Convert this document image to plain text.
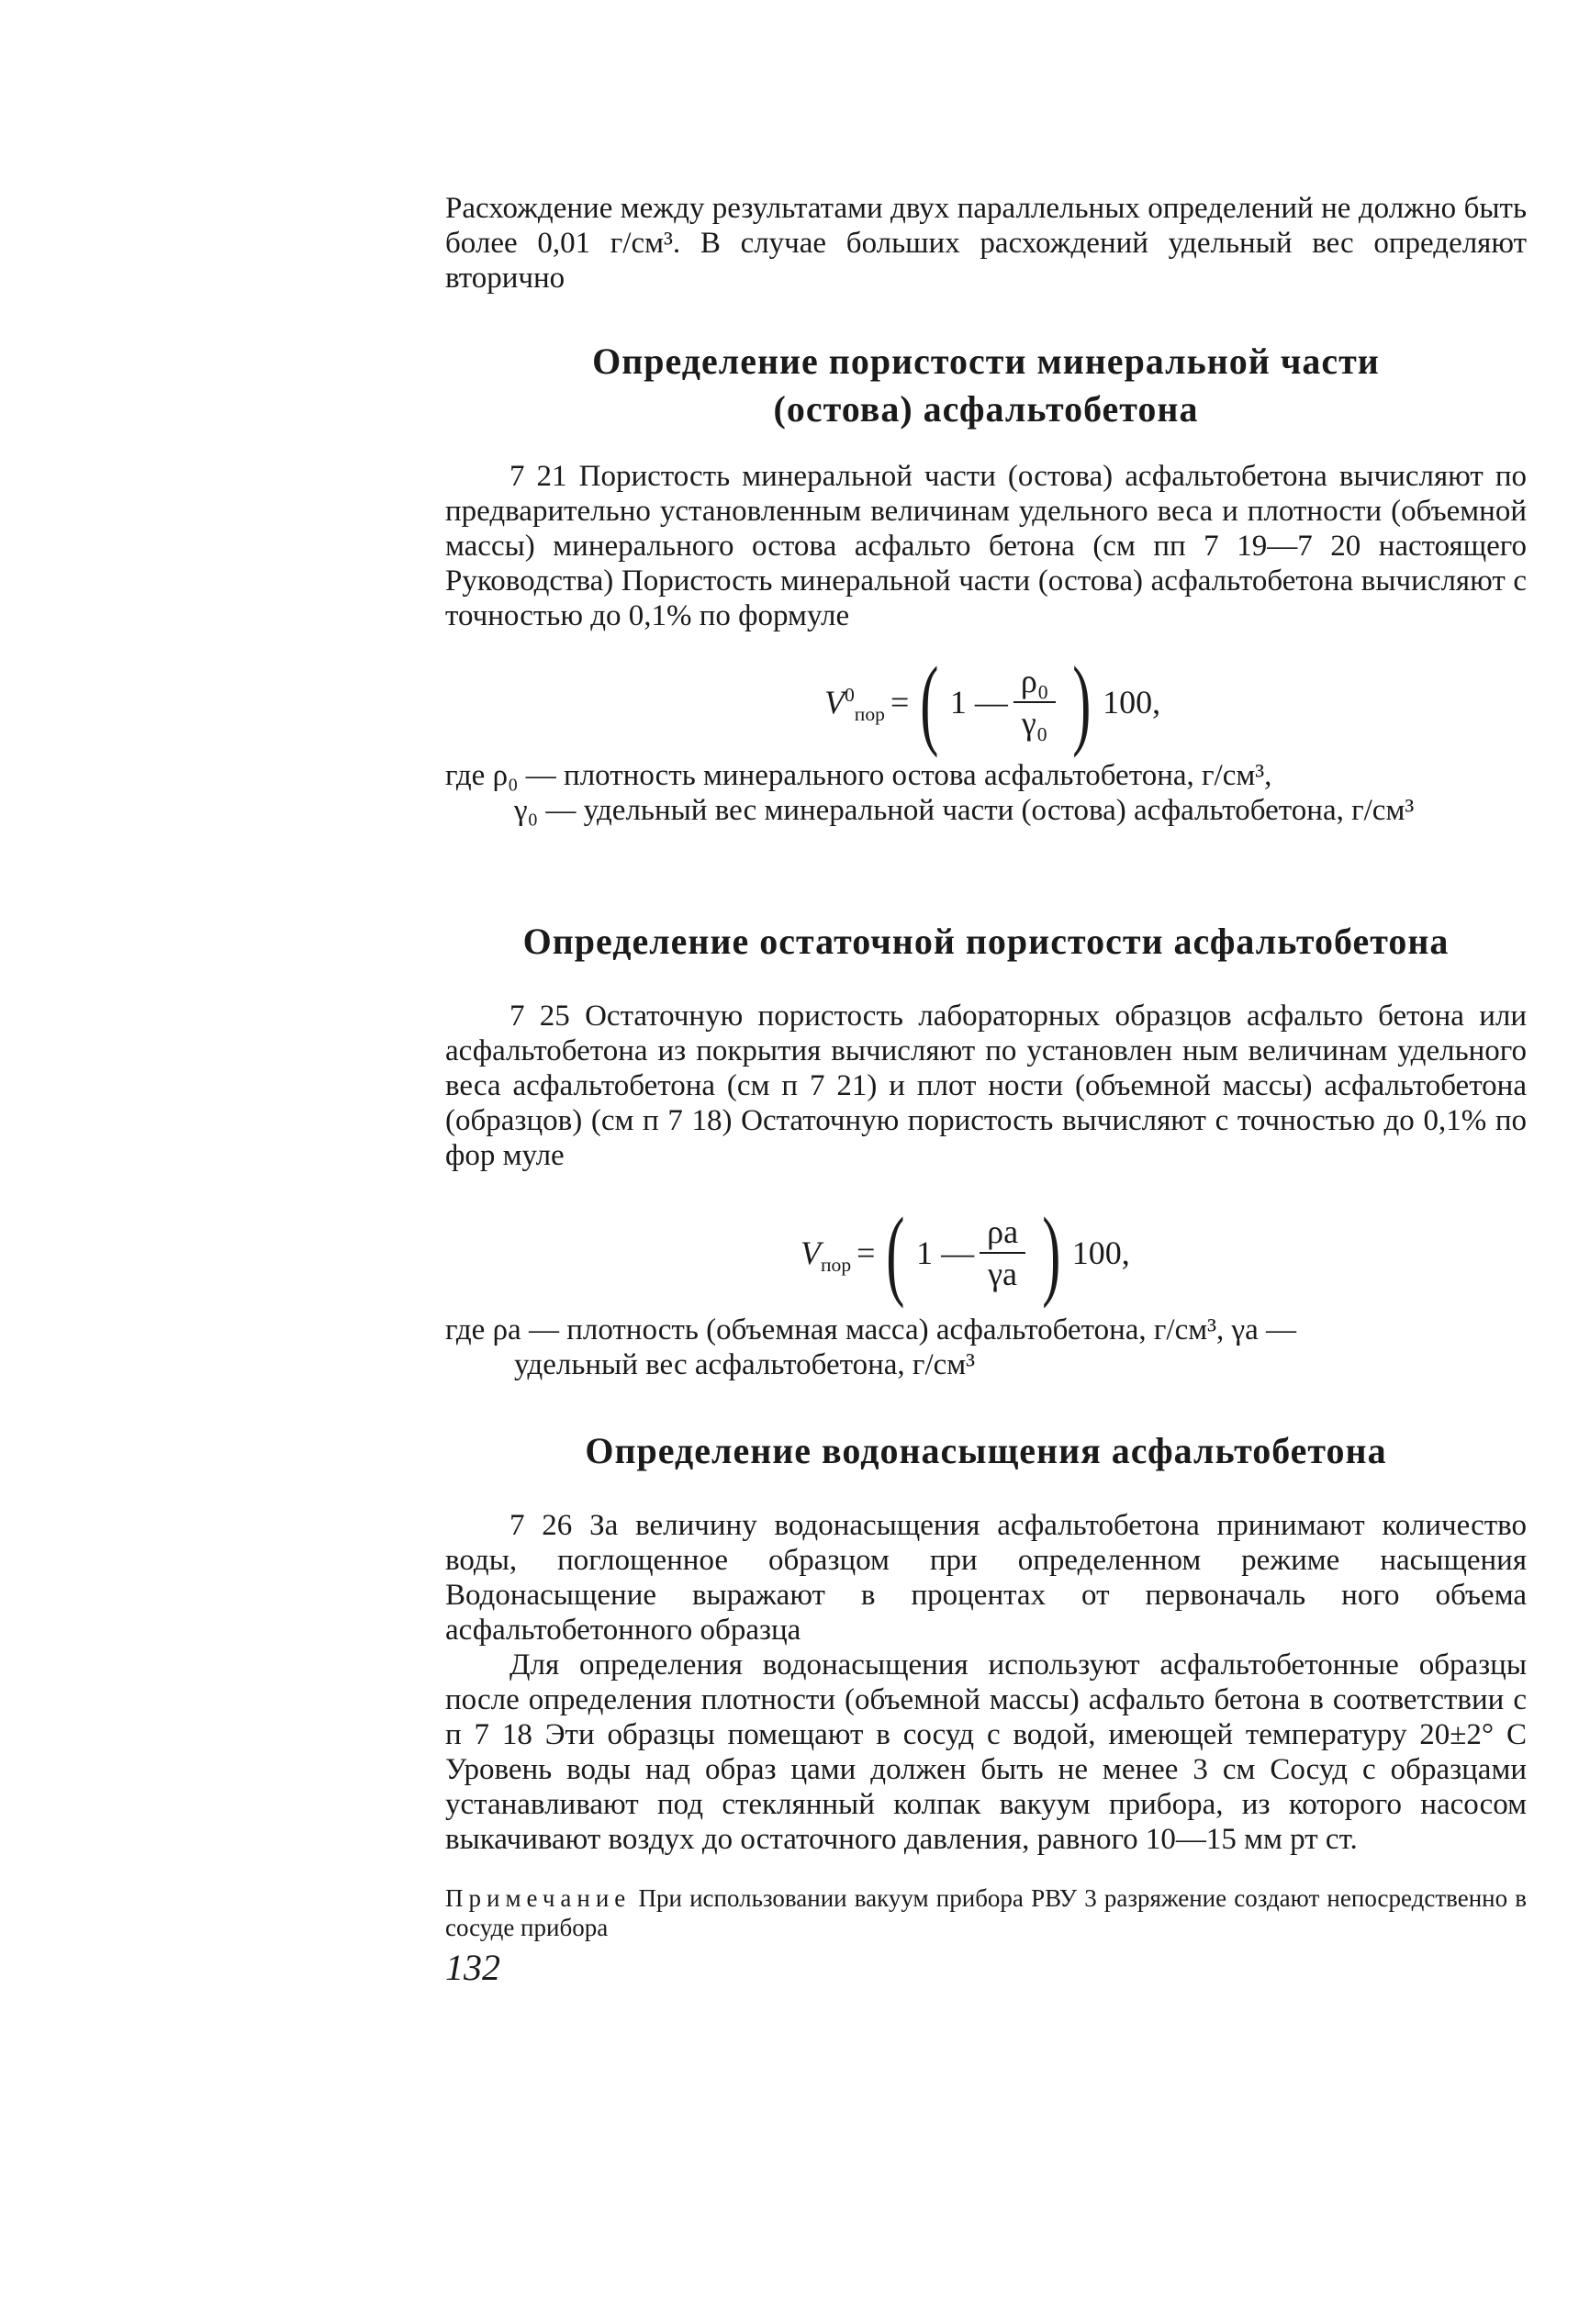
Расхождение между результатами двух параллельных определений не должно быть более 0,01 г/см³. В случае больших расхождений удельный вес определяют вторично

Определение пористости минеральной части
(остова) асфальтобетона

7 21 Пористость минеральной части (остова) асфальтобетона вычисляют по предварительно установленным величинам удельного веса и плотности (объемной массы) минерального остова асфальто бетона (см пп 7 19—7 20 настоящего Руководства) Пористость минеральной части (остова) асфальтобетона вычисляют с точностью до 0,1% по формуле

$V^0_{пор}$ = ( 1 — $\frac{\text{ρ₀}}{\text{γ₀}}$ ) 100,
где ρ₀ — плотность минерального остова асфальтобетона, г/см³,
γ₀ — удельный вес минеральной части (остова) асфальтобетона, г/см³
Определение остаточной пористости асфальтобетона

7 25 Остаточную пористость лабораторных образцов асфальто бетона или асфальтобетона из покрытия вычисляют по установлен ным величинам удельного веса асфальтобетона (см п 7 21) и плот ности (объемной массы) асфальтобетона (образцов) (см п 7 18) Остаточную пористость вычисляют с точностью до 0,1% по фор муле

$V_{пор}$ = ( 1 — $\frac{\rho a}{\gamma a}$ ) 100,
где ρa — плотность (объемная масса) асфальтобетона, г/см³, γa —
удельный вес асфальтобетона, г/см³
Определение водонасыщения асфальтобетона

7 26 За величину водонасыщения асфальтобетона принимают количество воды, поглощенное образцом при определенном режиме насыщения Водонасыщение выражают в процентах от первоначаль ного объема асфальтобетонного образца

Для определения водонасыщения используют асфальтобетонные образцы после определения плотности (объемной массы) асфальто бетона в соответствии с п 7 18 Эти образцы помещают в сосуд с водой, имеющей температуру 20±2° С Уровень воды над образ цами должен быть не менее 3 см Сосуд с образцами устанавливают под стеклянный колпак вакуум прибора, из которого насосом выкачивают воздух до остаточного давления, равного 10—15 мм рт ст.

Примечание При использовании вакуум прибора РВУ 3 разряжение создают непосредственно в сосуде прибора

132
